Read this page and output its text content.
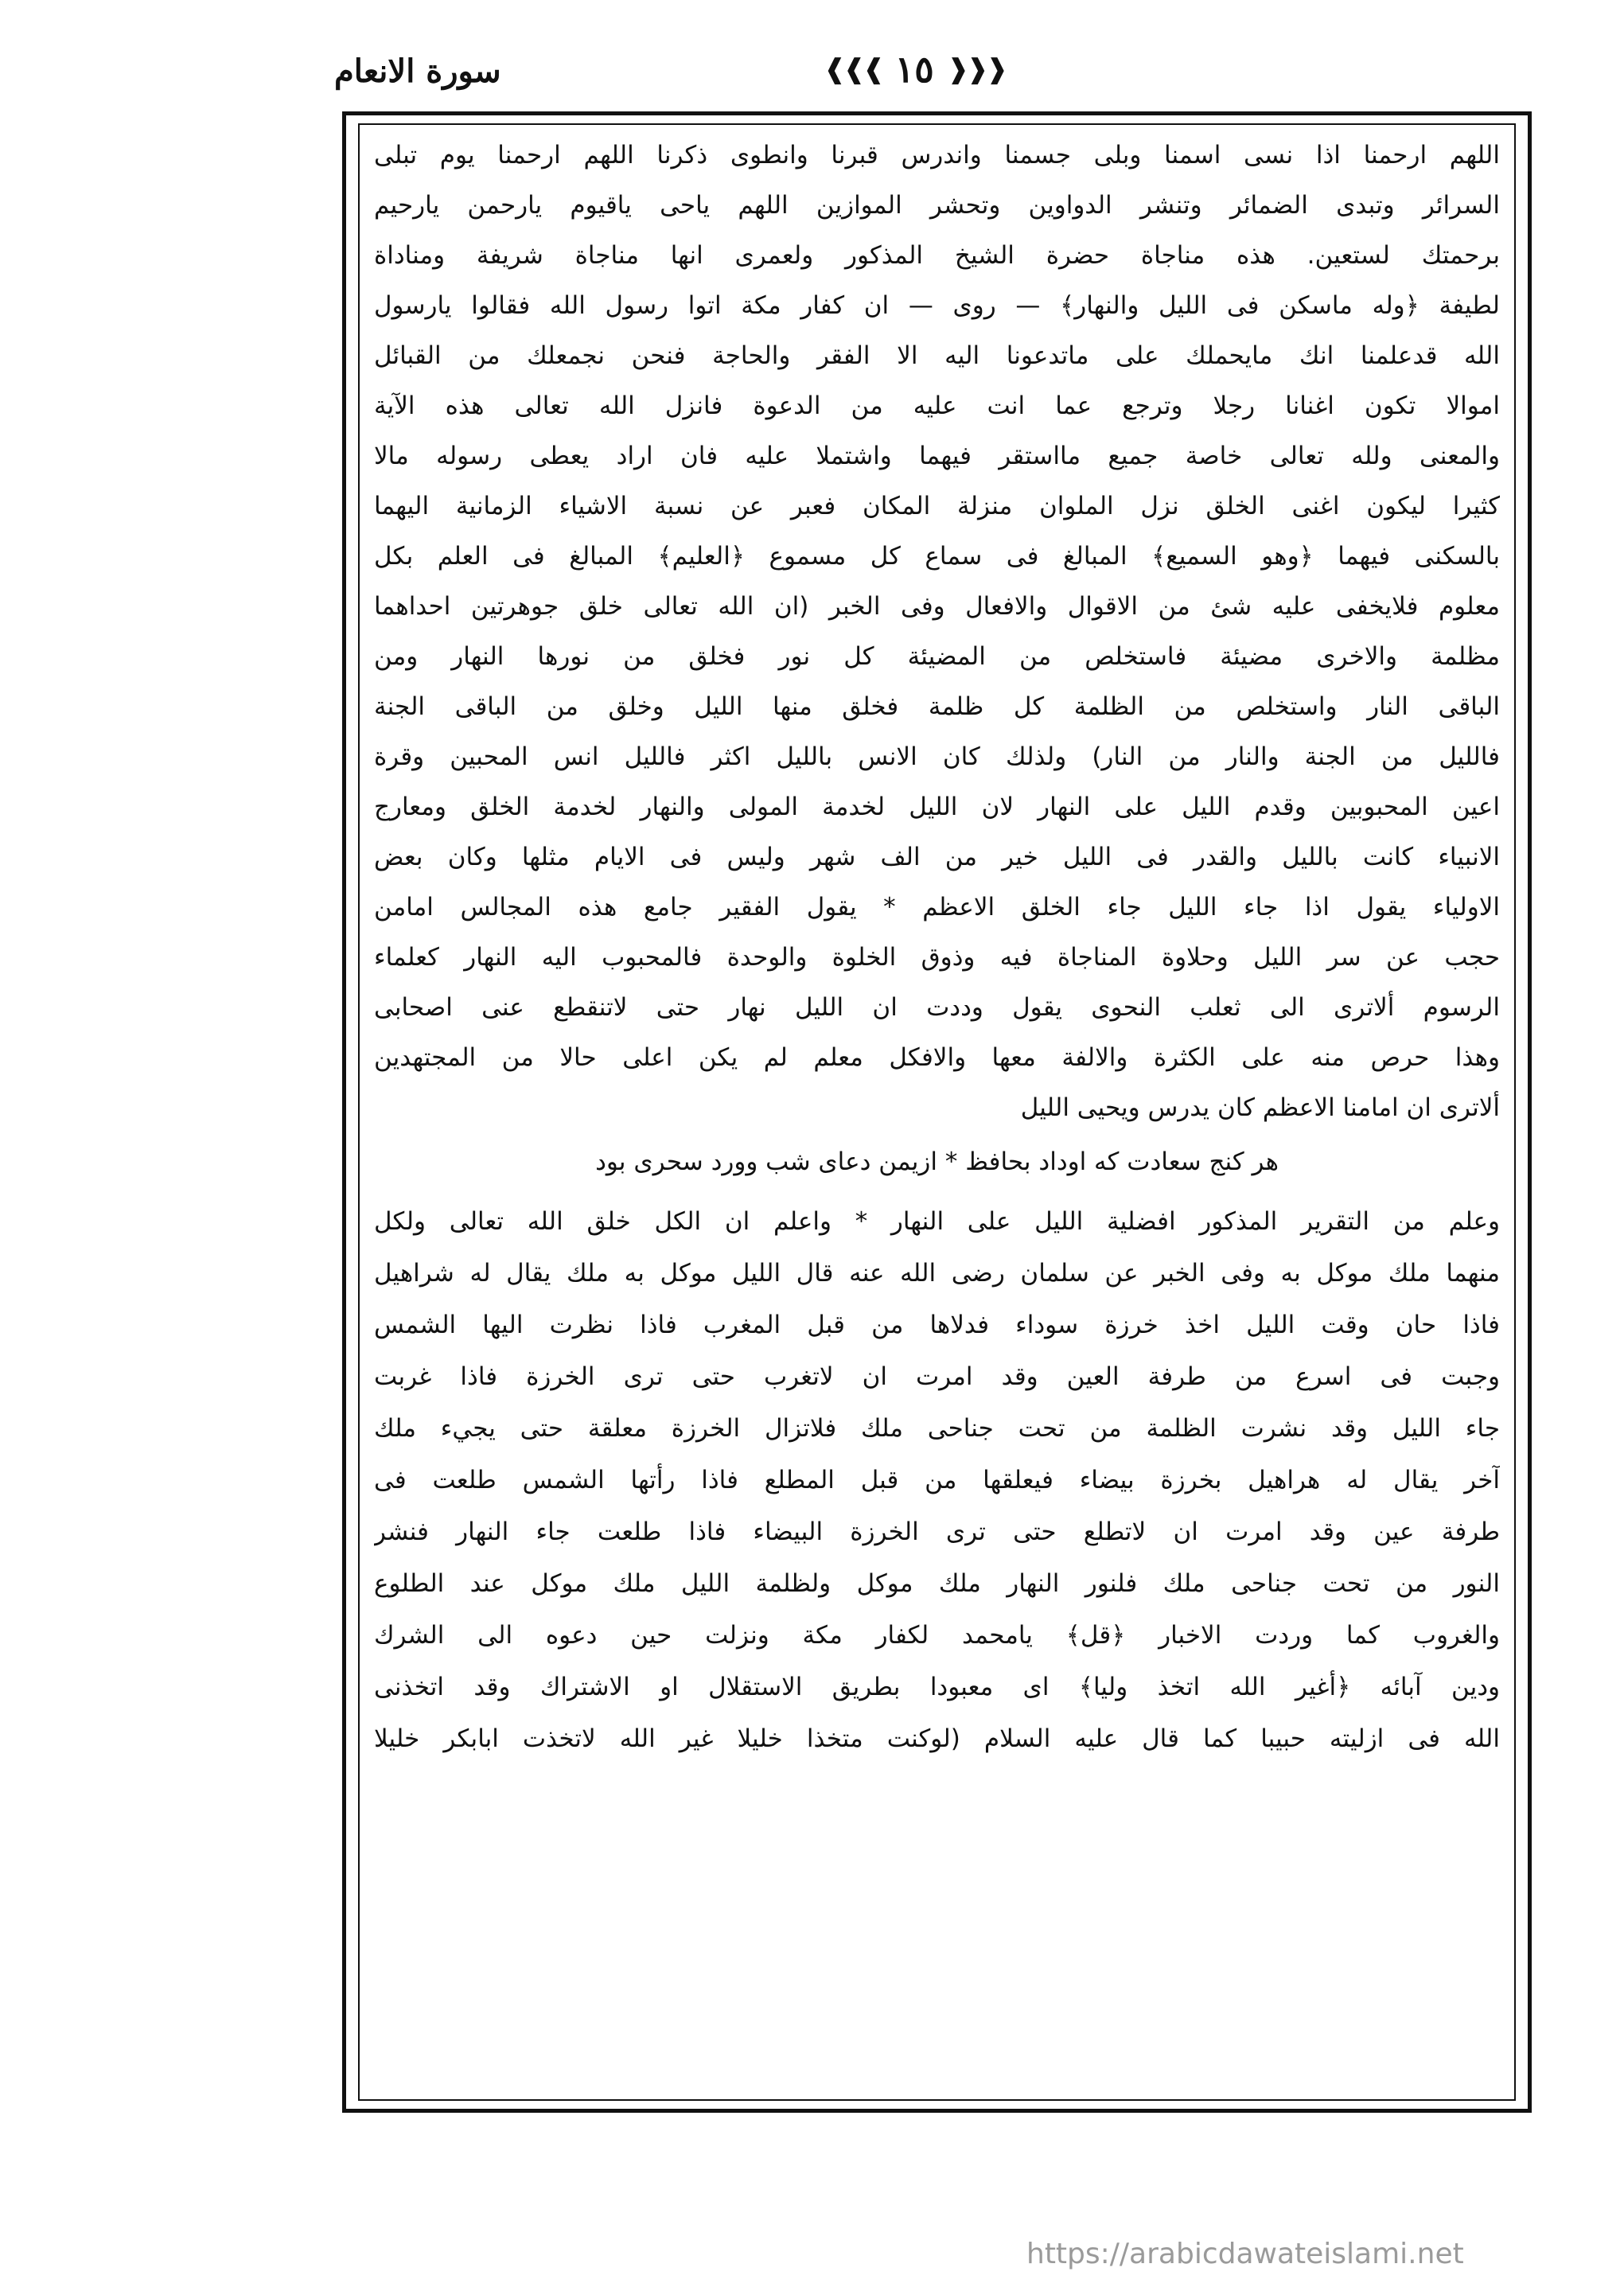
سورة الانعام	❰❰❰ ١٥ ❱❱❱
اللهم ارحمنا اذا نسى اسمنا وبلى جسمنا واندرس قبرنا وانطوى ذكرنا اللهم ارحمنا يوم تبلى
السرائر وتبدى الضمائر وتنشر الدواوين وتحشر الموازين اللهم ياحى ياقيوم يارحمن يارحيم
برحمتك لستعين. هذه مناجاة حضرة الشيخ المذكور ولعمرى انها مناجاة شريفة ومناداة
لطيفة ﴿وله ماسكن فى الليل والنهار﴾ — روى — ان كفار مكة اتوا رسول الله فقالوا يارسول
الله قدعلمنا انك مايحملك على ماتدعونا اليه الا الفقر والحاجة فنحن نجمعلك من القبائل
اموالا تكون اغنانا رجلا وترجع عما انت عليه من الدعوة فانزل الله تعالى هذه الآية
والمعنى ولله تعالى خاصة جميع مااستقر فيهما واشتملا عليه فان اراد يعطى رسوله مالا
كثيرا ليكون اغنى الخلق نزل الملوان منزلة المكان فعبر عن نسبة الاشياء الزمانية اليهما
بالسكنى فيهما ﴿وهو السميع﴾ المبالغ فى سماع كل مسموع ﴿العليم﴾ المبالغ فى العلم بكل
معلوم فلايخفى عليه شئ من الاقوال والافعال وفى الخبر (ان الله تعالى خلق جوهرتين احداهما
مظلمة والاخرى مضيئة فاستخلص من المضيئة كل نور فخلق من نورها النهار ومن
الباقى النار واستخلص من الظلمة كل ظلمة فخلق منها الليل وخلق من الباقى الجنة
فالليل من الجنة والنار من النار) ولذلك كان الانس بالليل اكثر فالليل انس المحبين وقرة
اعين المحبوبين وقدم الليل على النهار لان الليل لخدمة المولى والنهار لخدمة الخلق ومعارج
الانبياء كانت بالليل والقدر فى الليل خير من الف شهر وليس فى الايام مثلها وكان بعض
الاولياء يقول اذا جاء الليل جاء الخلق الاعظم * يقول الفقير جامع هذه المجالس امامن
حجب عن سر الليل وحلاوة المناجاة فيه وذوق الخلوة والوحدة فالمحبوب اليه النهار كعلماء
الرسوم ألاترى الى ثعلب النحوى يقول وددت ان الليل نهار حتى لاتنقطع عنى اصحابى
وهذا حرص منه على الكثرة والالفة معها والافكل معلم لم يكن اعلى حالا من المجتهدين
ألاترى ان امامنا الاعظم كان يدرس ويحيى الليل
هر كنج سعادت كه اوداد بحافظ * ازيمن دعاى شب وورد سحرى بود
وعلم من التقرير المذكور افضلية الليل على النهار * واعلم ان الكل خلق الله تعالى ولكل
منهما ملك موكل به وفى الخبر عن سلمان رضى الله عنه قال الليل موكل به ملك يقال له شراهيل
فاذا حان وقت الليل اخذ خرزة سوداء فدلاها من قبل المغرب فاذا نظرت اليها الشمس
وجبت فى اسرع من طرفة العين وقد امرت ان لاتغرب حتى ترى الخرزة فاذا غربت
جاء الليل وقد نشرت الظلمة من تحت جناحى ملك فلاتزال الخرزة معلقة حتى يجيء ملك
آخر يقال له هراهيل بخرزة بيضاء فيعلقها من قبل المطلع فاذا رأتها الشمس طلعت فى
طرفة عين وقد امرت ان لاتطلع حتى ترى الخرزة البيضاء فاذا طلعت جاء النهار فنشر
النور من تحت جناحى ملك فلنور النهار ملك موكل ولظلمة الليل ملك موكل عند الطلوع
والغروب كما وردت الاخبار ﴿قل﴾ يامحمد لكفار مكة ونزلت حين دعوه الى الشرك
ودين آبائه ﴿أغير الله اتخذ وليا﴾ اى معبودا بطريق الاستقلال او الاشتراك وقد اتخذنى
الله فى ازليته حبيبا كما قال عليه السلام (لوكنت متخذا خليلا غير الله لاتخذت ابابكر خليلا
https://arabicdawateislami.net
